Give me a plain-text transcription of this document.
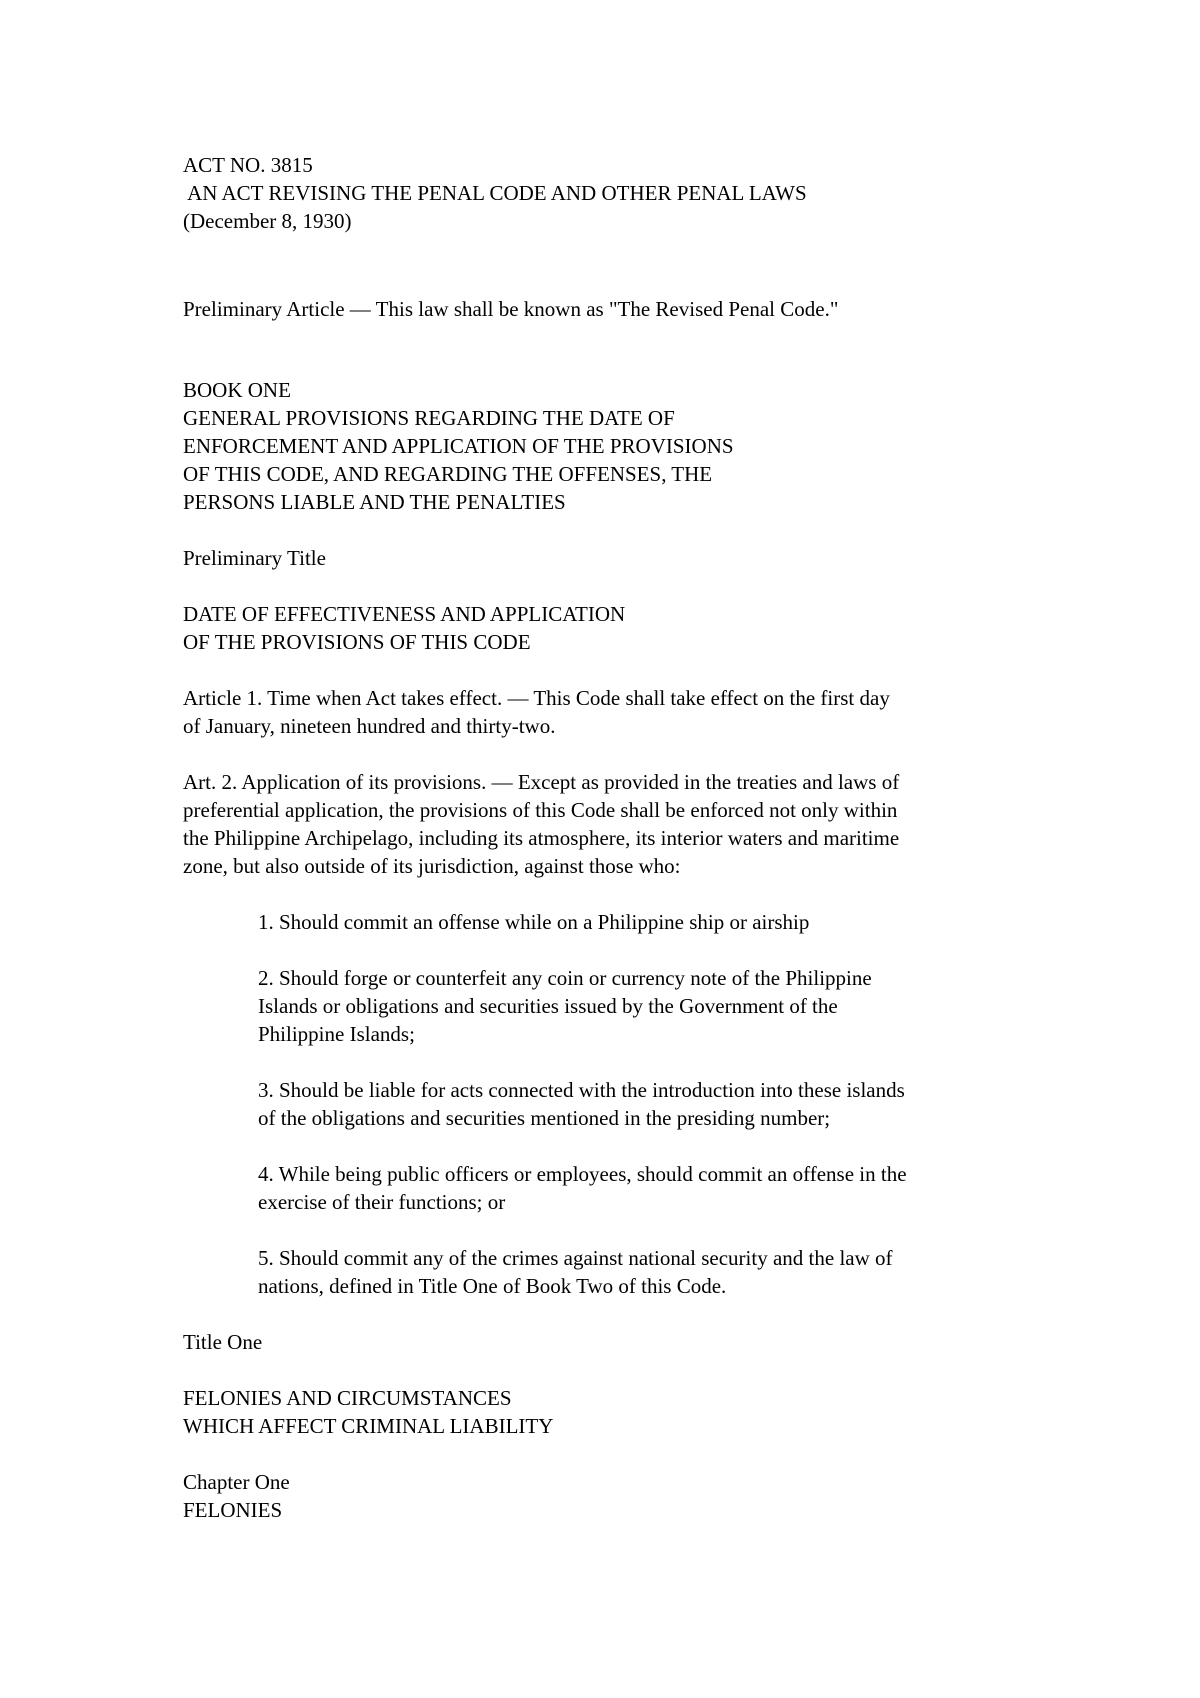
ACT NO. 3815
AN ACT REVISING THE PENAL CODE AND OTHER PENAL LAWS
(December 8, 1930)
Preliminary Article — This law shall be known as "The Revised Penal Code."
BOOK ONE
GENERAL PROVISIONS REGARDING THE DATE OF
ENFORCEMENT AND APPLICATION OF THE PROVISIONS
OF THIS CODE, AND REGARDING THE OFFENSES, THE
PERSONS LIABLE AND THE PENALTIES
Preliminary Title
DATE OF EFFECTIVENESS AND APPLICATION
OF THE PROVISIONS OF THIS CODE
Article 1. Time when Act takes effect. — This Code shall take effect on the first day
of January, nineteen hundred and thirty-two.
Art. 2. Application of its provisions. — Except as provided in the treaties and laws of
preferential application, the provisions of this Code shall be enforced not only within
the Philippine Archipelago, including its atmosphere, its interior waters and maritime
zone, but also outside of its jurisdiction, against those who:
1. Should commit an offense while on a Philippine ship or airship
2. Should forge or counterfeit any coin or currency note of the Philippine
Islands or obligations and securities issued by the Government of the
Philippine Islands;
3. Should be liable for acts connected with the introduction into these islands
of the obligations and securities mentioned in the presiding number;
4. While being public officers or employees, should commit an offense in the
exercise of their functions; or
5. Should commit any of the crimes against national security and the law of
nations, defined in Title One of Book Two of this Code.
Title One
FELONIES AND CIRCUMSTANCES
WHICH AFFECT CRIMINAL LIABILITY
Chapter One
FELONIES
